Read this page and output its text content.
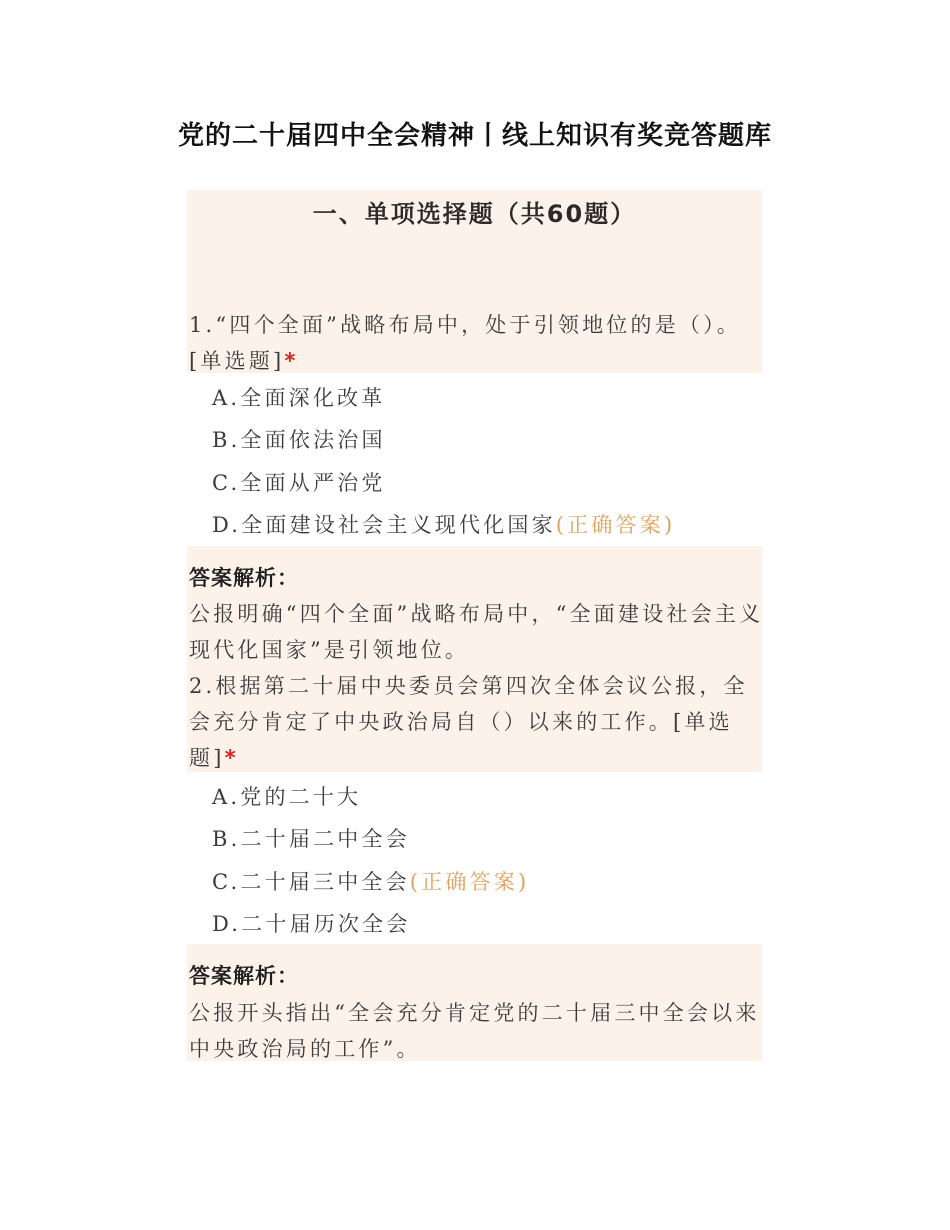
党的二十届四中全会精神丨线上知识有奖竞答题库
一、单项选择题（共60题）
1.“四个全面”战略布局中，处于引领地位的是（）。[单选题]*
A.全面深化改革
B.全面依法治国
C.全面从严治党
D.全面建设社会主义现代化国家(正确答案)
答案解析：
公报明确“四个全面”战略布局中，“全面建设社会主义现代化国家”是引领地位。
2.根据第二十届中央委员会第四次全体会议公报，全会充分肯定了中央政治局自（）以来的工作。[单选题]*
A.党的二十大
B.二十届二中全会
C.二十届三中全会(正确答案)
D.二十届历次全会
答案解析：
公报开头指出“全会充分肯定党的二十届三中全会以来中央政治局的工作”。
